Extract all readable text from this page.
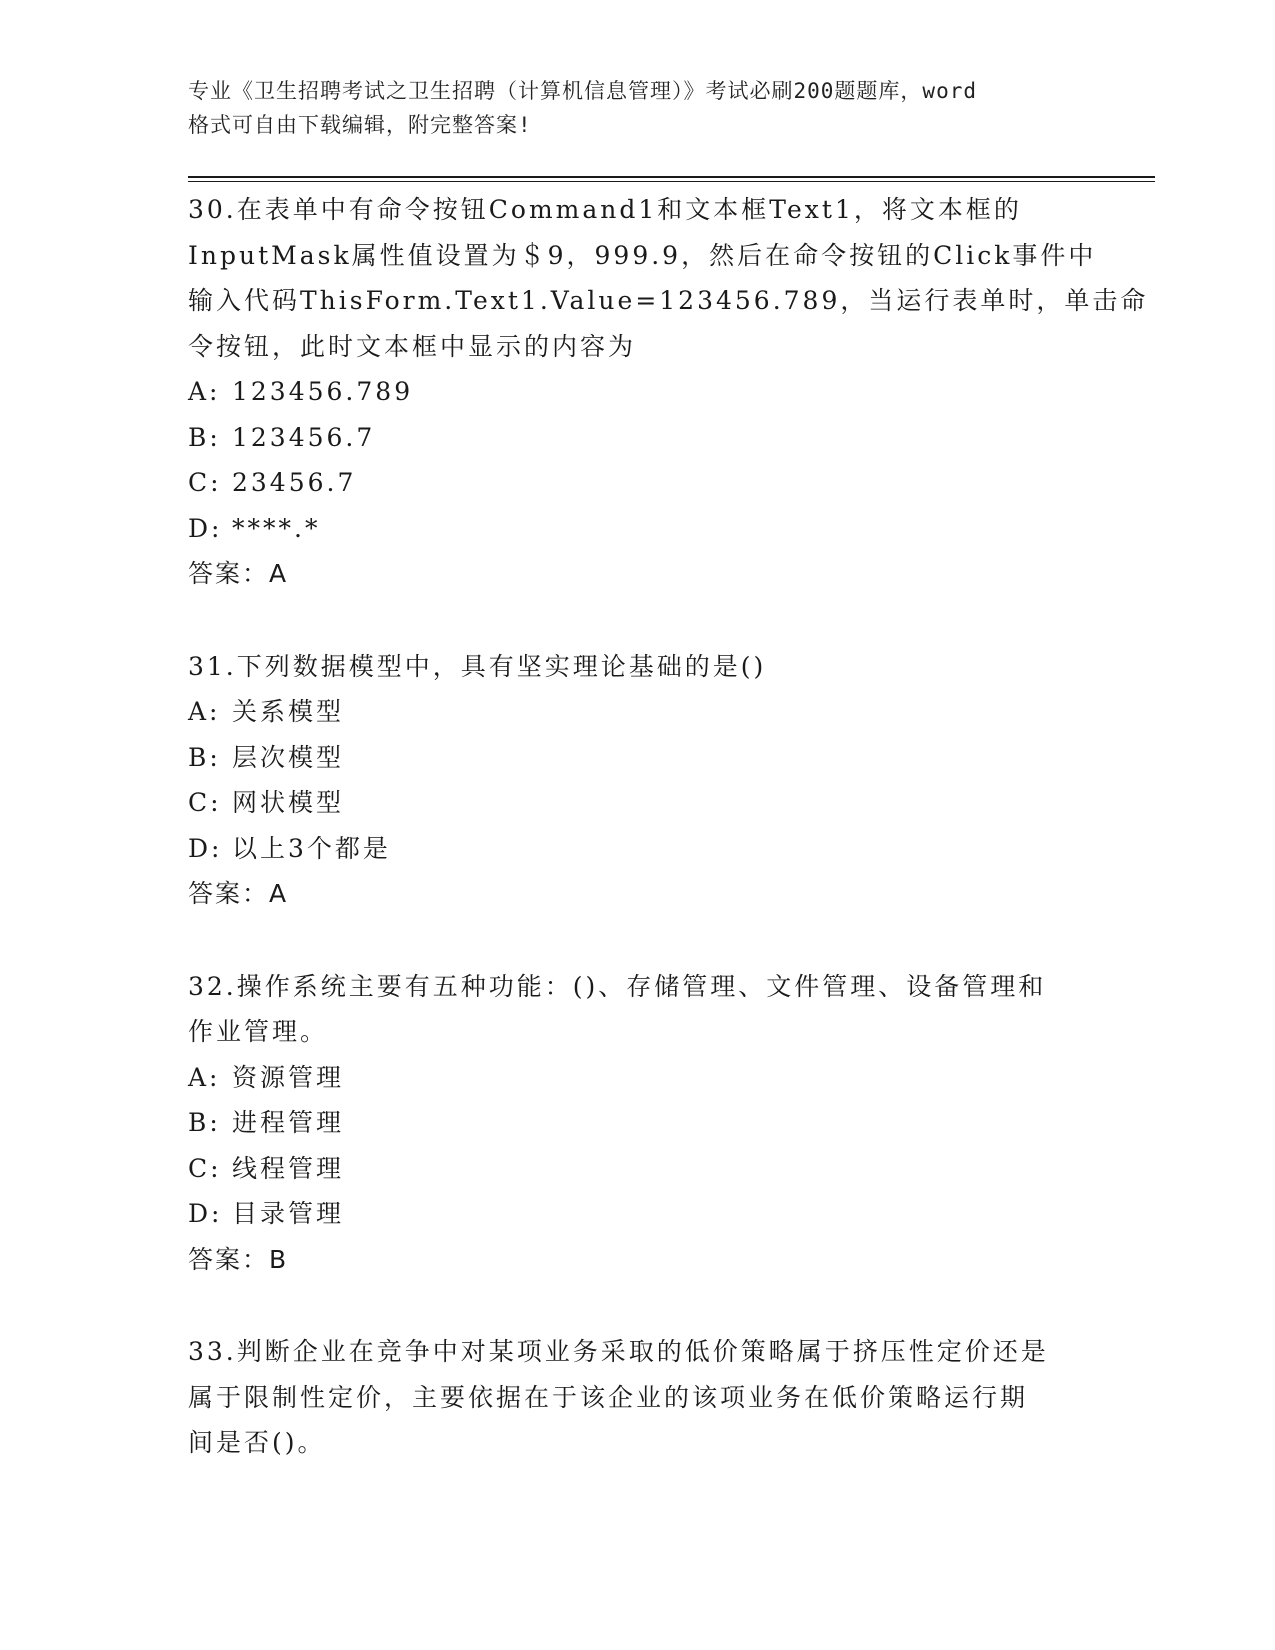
专业《卫生招聘考试之卫生招聘（计算机信息管理）》考试必刷200题题库，word

格式可自由下载编辑，附完整答案!

30.在表单中有命令按钮Command1和文本框Text1，将文本框的

InputMask属性值设置为＄9，999.9，然后在命令按钮的Click事件中

输入代码ThisForm.Text1.Value=123456.789，当运行表单时，单击命

令按钮，此时文本框中显示的内容为

A: 123456.789

B: 123456.7

C: 23456.7

D: ****.*

答案：A

31.下列数据模型中，具有坚实理论基础的是()

A: 关系模型

B: 层次模型

C: 网状模型

D: 以上3个都是

答案：A

32.操作系统主要有五种功能：()、存储管理、文件管理、设备管理和

作业管理。

A: 资源管理

B: 进程管理

C: 线程管理

D: 目录管理

答案：B

33.判断企业在竞争中对某项业务采取的低价策略属于挤压性定价还是

属于限制性定价，主要依据在于该企业的该项业务在低价策略运行期

间是否()。
